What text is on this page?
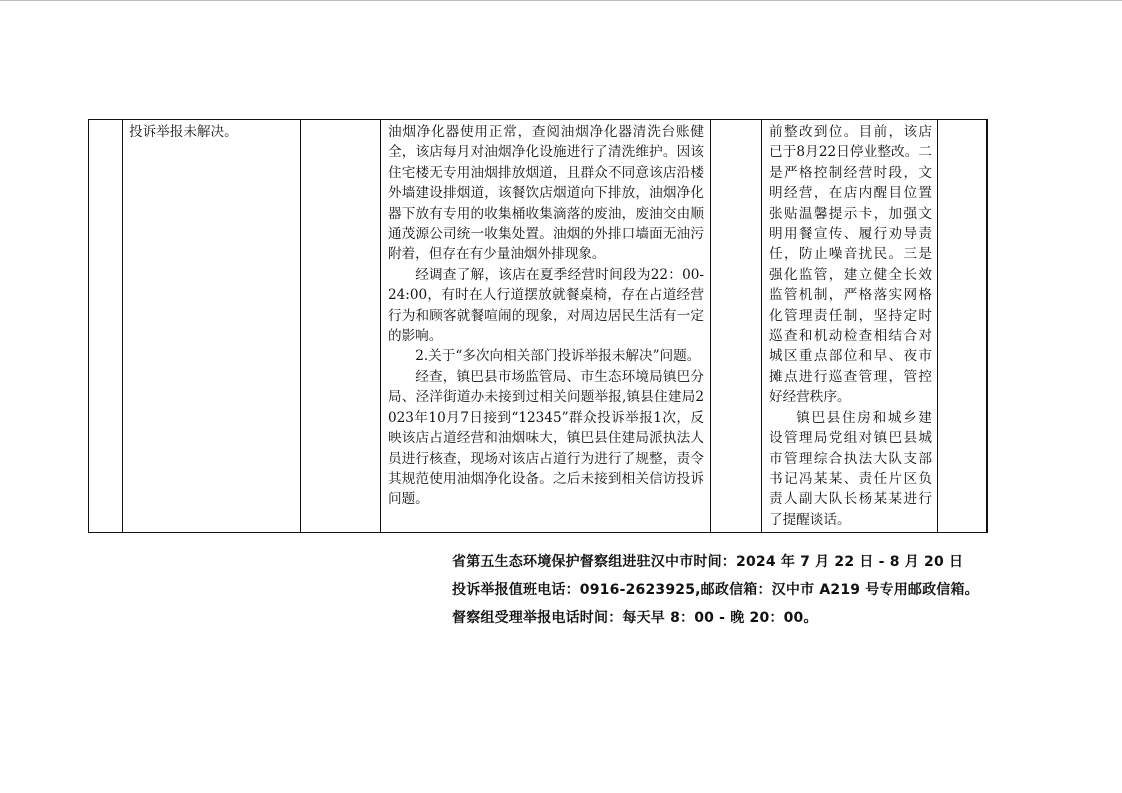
投诉举报未解决。	油烟净化器使用正常，查阅油烟净化器清洗台账健全，该店每月对油烟净化设施进行了清洗维护。因该住宅楼无专用油烟排放烟道，且群众不同意该店沿楼外墙建设排烟道，该餐饮店烟道向下排放，油烟净化器下放有专用的收集桶收集滴落的废油，废油交由顺通茂源公司统一收集处置。油烟的外排口墙面无油污附着，但存在有少量油烟外排现象。

经调查了解，该店在夏季经营时间段为22：00-24:00，有时在人行道摆放就餐桌椅，存在占道经营行为和顾客就餐喧闹的现象，对周边居民生活有一定的影响。

2.关于“多次向相关部门投诉举报未解决”问题。

经查，镇巴县市场监管局、市生态环境局镇巴分局、泾洋街道办未接到过相关问题举报,镇县住建局2023年10月7日接到“12345”群众投诉举报1次，反映该店占道经营和油烟味大，镇巴县住建局派执法人员进行核查，现场对该店占道行为进行了规整，责令其规范使用油烟净化设备。之后未接到相关信访投诉问题。

前整改到位。目前，该店已于8月22日停业整改。二是严格控制经营时段，文明经营，在店内醒目位置张贴温馨提示卡，加强文明用餐宣传、履行劝导责任，防止噪音扰民。三是强化监管，建立健全长效监管机制，严格落实网格化管理责任制，坚持定时巡查和机动检查相结合对城区重点部位和早、夜市摊点进行巡查管理，管控好经营秩序。

镇巴县住房和城乡建设管理局党组对镇巴县城市管理综合执法大队支部书记冯某某、责任片区负责人副大队长杨某某进行了提醒谈话。

省第五生态环境保护督察组进驻汉中市时间：2024 年 7 月 22 日 - 8 月 20 日
投诉举报值班电话：0916-2623925,邮政信箱：汉中市 A219 号专用邮政信箱。
督察组受理举报电话时间：每天早 8：00 - 晚 20：00。
